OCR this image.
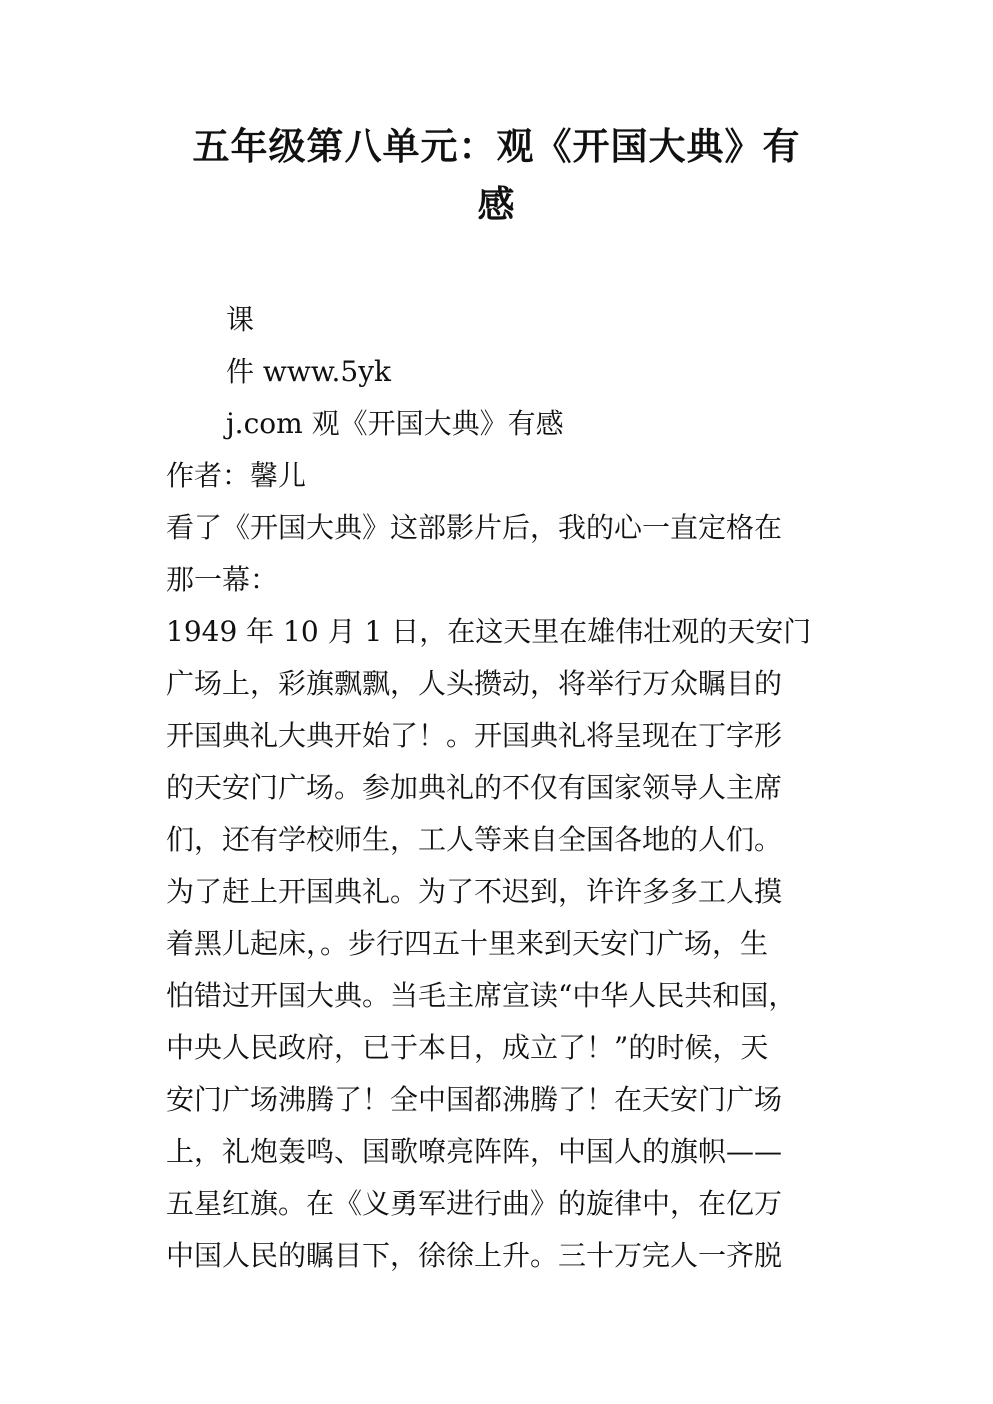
五年级第八单元：观《开国大典》有
感
课
件 www.5yk
j.com 观《开国大典》有感
作者：馨儿
看了《开国大典》这部影片后，我的心一直定格在
那一幕：
1949 年 10 月 1 日，在这天里在雄伟壮观的天安门
广场上，彩旗飘飘，人头攒动，将举行万众瞩目的
开国典礼大典开始了！。开国典礼将呈现在丁字形
的天安门广场。参加典礼的不仅有国家领导人主席
们，还有学校师生，工人等来自全国各地的人们。
为了赶上开国典礼。为了不迟到，许许多多工人摸
着黑儿起床，。步行四五十里来到天安门广场，生
怕错过开国大典。当毛主席宣读“中华人民共和国，
中央人民政府，已于本日，成立了！”的时候，天
安门广场沸腾了！全中国都沸腾了！在天安门广场
上，礼炮轰鸣、国歌嘹亮阵阵，中国人的旗帜——
五星红旗。在《义勇军进行曲》的旋律中，在亿万
中国人民的瞩目下，徐徐上升。三十万完人一齐脱
